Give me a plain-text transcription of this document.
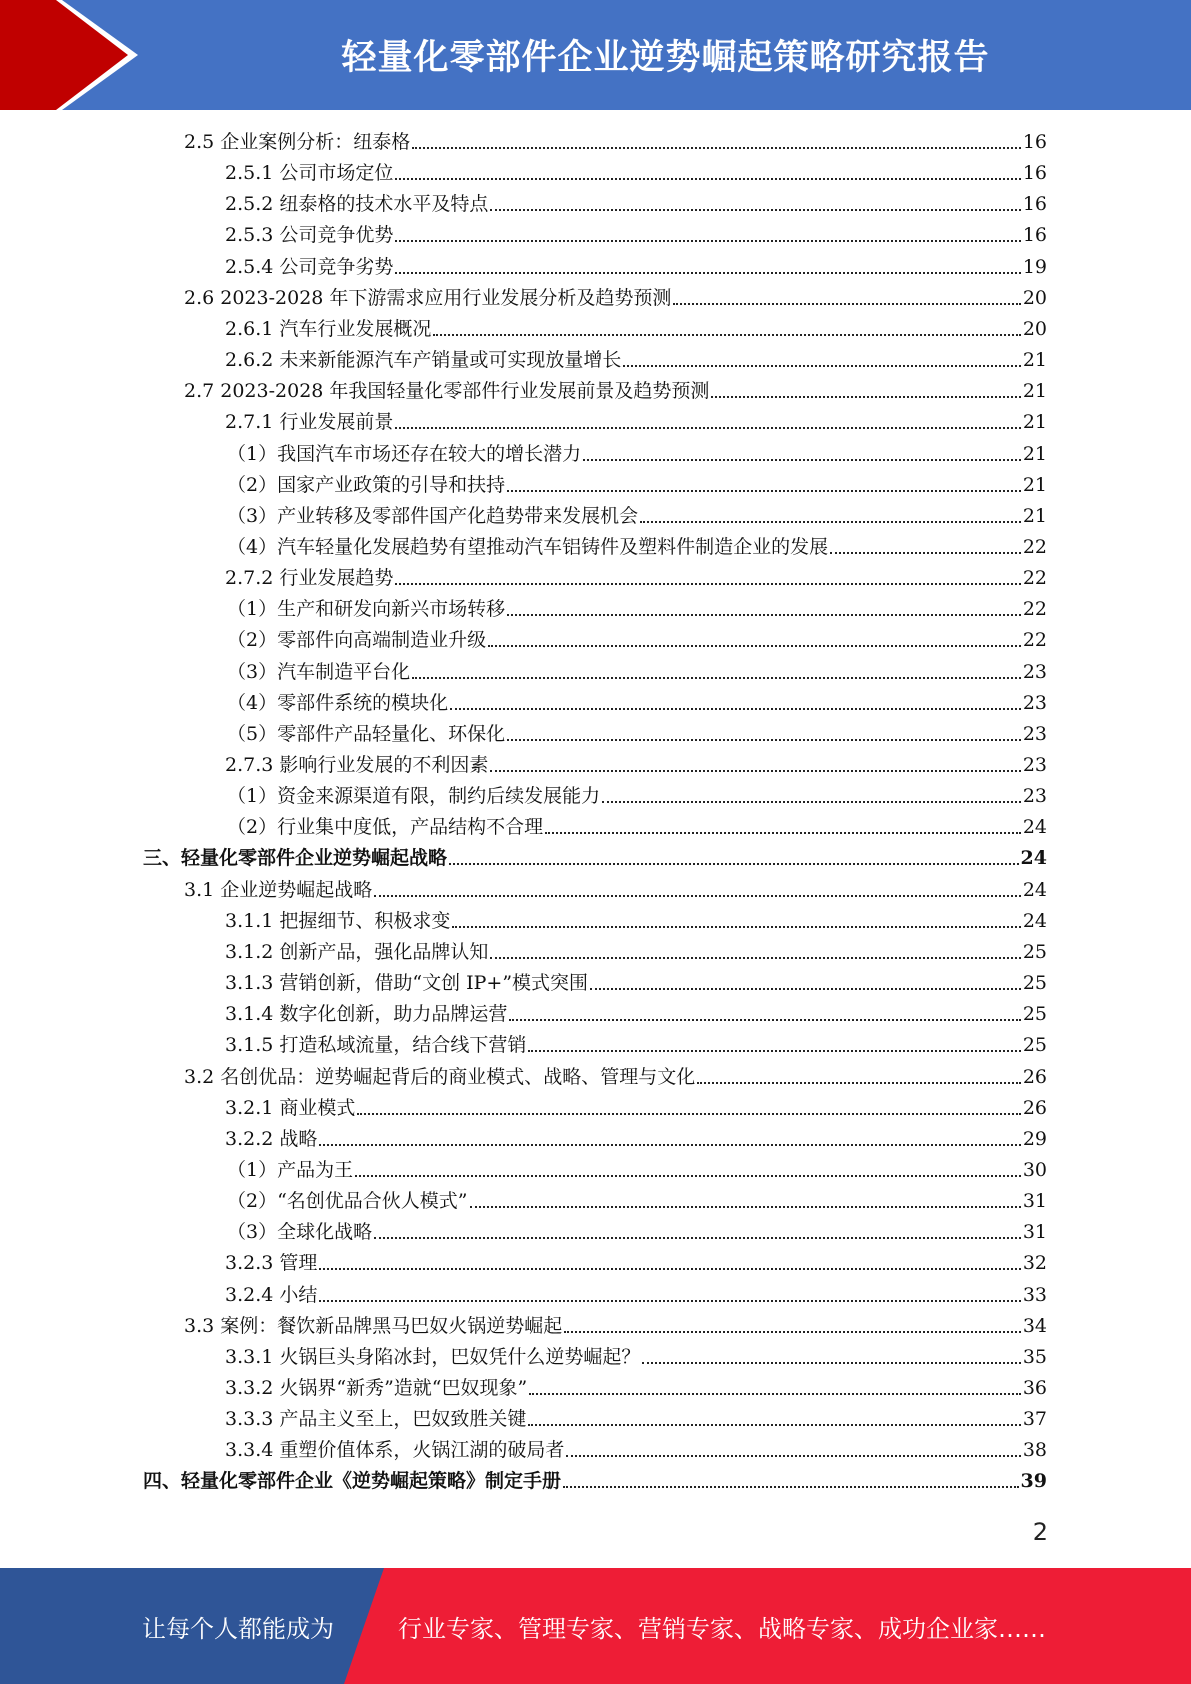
轻量化零部件企业逆势崛起策略研究报告
2.5 企业案例分析：纽泰格	16
2.5.1 公司市场定位	16
2.5.2 纽泰格的技术水平及特点	16
2.5.3 公司竞争优势	16
2.5.4 公司竞争劣势	19
2.6 2023-2028 年下游需求应用行业发展分析及趋势预测	20
2.6.1 汽车行业发展概况	20
2.6.2 未来新能源汽车产销量或可实现放量增长	21
2.7 2023-2028 年我国轻量化零部件行业发展前景及趋势预测	21
2.7.1 行业发展前景	21
（1）我国汽车市场还存在较大的增长潜力	21
（2）国家产业政策的引导和扶持	21
（3）产业转移及零部件国产化趋势带来发展机会	21
（4）汽车轻量化发展趋势有望推动汽车铝铸件及塑料件制造企业的发展	22
2.7.2 行业发展趋势	22
（1）生产和研发向新兴市场转移	22
（2）零部件向高端制造业升级	22
（3）汽车制造平台化	23
（4）零部件系统的模块化	23
（5）零部件产品轻量化、环保化	23
2.7.3 影响行业发展的不利因素	23
（1）资金来源渠道有限，制约后续发展能力	23
（2）行业集中度低，产品结构不合理	24
三、轻量化零部件企业逆势崛起战略	24
3.1 企业逆势崛起战略	24
3.1.1 把握细节、积极求变	24
3.1.2 创新产品，强化品牌认知	25
3.1.3 营销创新，借助“文创 IP+”模式突围	25
3.1.4 数字化创新，助力品牌运营	25
3.1.5 打造私域流量，结合线下营销	25
3.2 名创优品：逆势崛起背后的商业模式、战略、管理与文化	26
3.2.1 商业模式	26
3.2.2 战略	29
（1）产品为王	30
（2）“名创优品合伙人模式”	31
（3）全球化战略	31
3.2.3 管理	32
3.2.4 小结	33
3.3 案例：餐饮新品牌黑马巴奴火锅逆势崛起	34
3.3.1 火锅巨头身陷冰封，巴奴凭什么逆势崛起？	35
3.3.2 火锅界“新秀”造就“巴奴现象”	36
3.3.3 产品主义至上，巴奴致胜关键	37
3.3.4 重塑价值体系，火锅江湖的破局者	38
四、轻量化零部件企业《逆势崛起策略》制定手册	39
2
让每个人都能成为	行业专家、管理专家、营销专家、战略专家、成功企业家……
